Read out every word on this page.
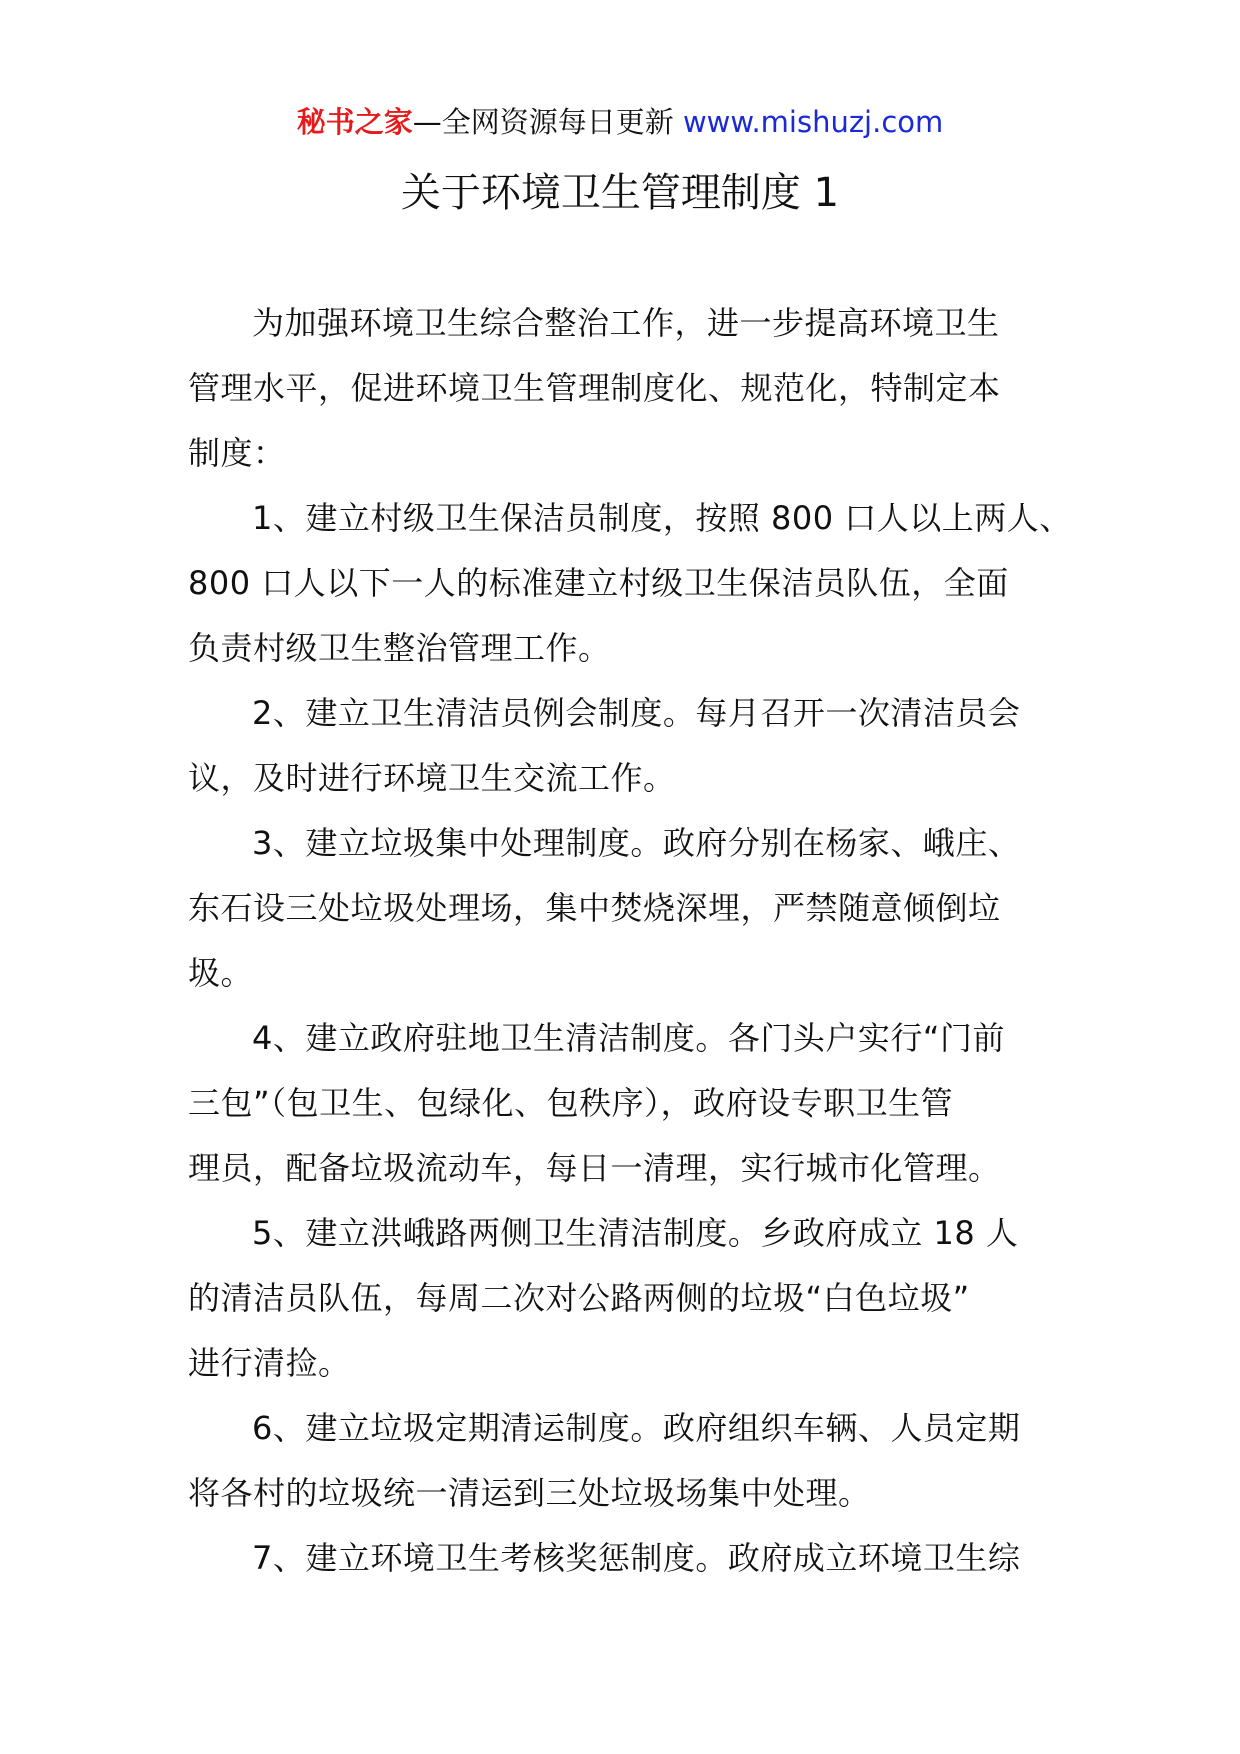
秘书之家—全网资源每日更新 www.mishuzj.com
关于环境卫生管理制度 1

为加强环境卫生综合整治工作，进一步提高环境卫生
管理水平，促进环境卫生管理制度化、规范化，特制定本
制度：

1、建立村级卫生保洁员制度，按照 800 口人以上两人、
800 口人以下一人的标准建立村级卫生保洁员队伍，全面
负责村级卫生整治管理工作。

2、建立卫生清洁员例会制度。每月召开一次清洁员会
议，及时进行环境卫生交流工作。

3、建立垃圾集中处理制度。政府分别在杨家、峨庄、
东石设三处垃圾处理场，集中焚烧深埋，严禁随意倾倒垃
圾。

4、建立政府驻地卫生清洁制度。各门头户实行“门前
三包”（包卫生、包绿化、包秩序），政府设专职卫生管
理员，配备垃圾流动车，每日一清理，实行城市化管理。

5、建立洪峨路两侧卫生清洁制度。乡政府成立 18 人
的清洁员队伍，每周二次对公路两侧的垃圾“白色垃圾”
进行清捡。

6、建立垃圾定期清运制度。政府组织车辆、人员定期
将各村的垃圾统一清运到三处垃圾场集中处理。

7、建立环境卫生考核奖惩制度。政府成立环境卫生综
